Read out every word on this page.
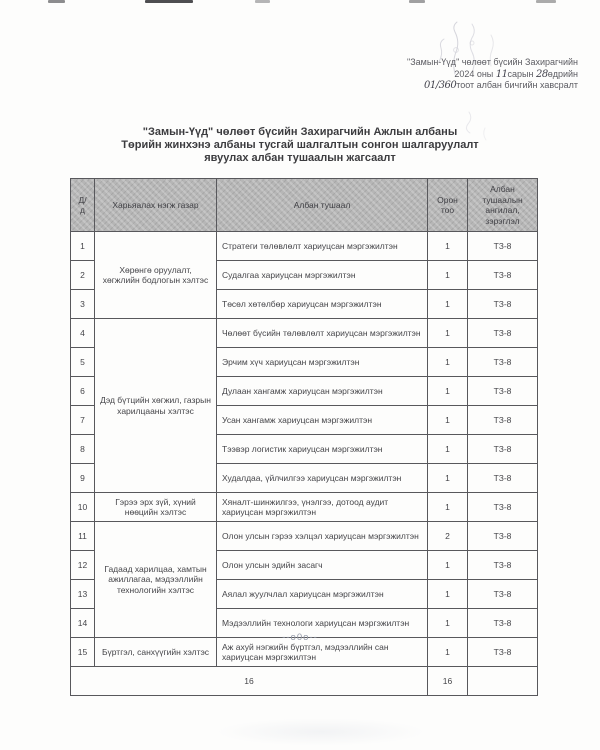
"Замын-Үүд" чөлөөт бүсийн Захирагчийн
2024 оны 11сарын 28өдрийн
01/360тоот албан бичгийн хавсралт
"Замын-Үүд" чөлөөт бүсийн Захирагчийн Ажлын албаны
Төрийн жинхэнэ албаны тусгай шалгалтын сонгон шалгаруулалт
явуулах албан тушаалын жагсаалт
Д/д	Харьяалах нэгж газар	Албан тушаал	Орон тоо	Албан тушаалын ангилал, зэрэглэл
1	Хөрөнгө оруулалт, хөгжлийн бодлогын хэлтэс	Стратеги төлөвлөлт хариуцсан мэргэжилтэн	1	ТЗ-8
2		Судалгаа хариуцсан мэргэжилтэн	1	ТЗ-8
3		Төсөл хөтөлбөр хариуцсан мэргэжилтэн	1	ТЗ-8
4	Дэд бүтцийн хөгжил, газрын харилцааны хэлтэс	Чөлөөт бүсийн төлөвлөлт хариуцсан мэргэжилтэн	1	ТЗ-8
5		Эрчим хүч хариуцсан мэргэжилтэн	1	ТЗ-8
6		Дулаан хангамж хариуцсан мэргэжилтэн	1	ТЗ-8
7		Усан хангамж хариуцсан мэргэжилтэн	1	ТЗ-8
8		Тээвэр логистик хариуцсан мэргэжилтэн	1	ТЗ-8
9		Худалдаа, үйлчилгээ хариуцсан мэргэжилтэн	1	ТЗ-8
10	Гэрээ эрх зүй, хүний нөөцийн хэлтэс	Хяналт-шинжилгээ, үнэлгээ, дотоод аудит хариуцсан мэргэжилтэн	1	ТЗ-8
11	Гадаад харилцаа, хамтын ажиллагаа, мэдээллийн технологийн хэлтэс	Олон улсын гэрээ хэлцэл хариуцсан мэргэжилтэн	2	ТЗ-8
12		Олон улсын эдийн засагч	1	ТЗ-8
13		Аялал жуулчлал хариуцсан мэргэжилтэн	1	ТЗ-8
14		Мэдээллийн технологи хариуцсан мэргэжилтэн	1	ТЗ-8
15	Бүртгэл, санхүүгийн хэлтэс	Аж ахуй нэгжийн бүртгэл, мэдээллийн сан хариуцсан мэргэжилтэн	1	ТЗ-8
16			16	
--о0о--
